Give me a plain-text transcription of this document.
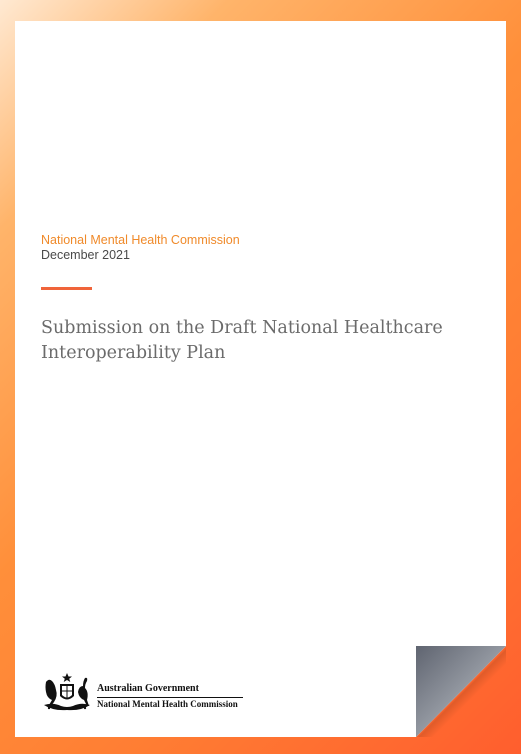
National Mental Health Commission
December 2021
Submission on the Draft National Healthcare Interoperability Plan
Australian Government
National Mental Health Commission
